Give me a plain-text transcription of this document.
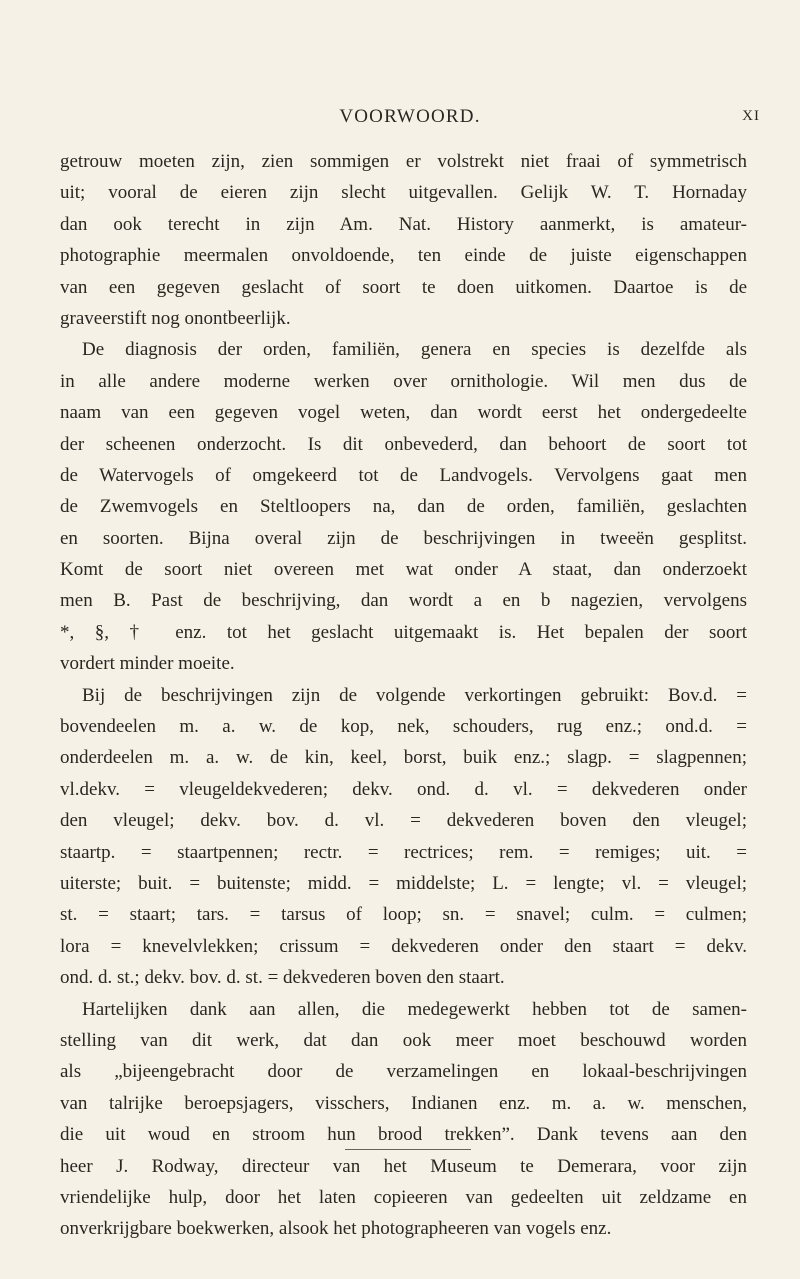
VOORWOORD.	XI
getrouw moeten zijn, zien sommigen er volstrekt niet fraai of symmetrisch
uit; vooral de eieren zijn slecht uitgevallen. Gelijk W. T. Hornaday
dan ook terecht in zijn Am. Nat. History aanmerkt, is amateur-
photographie meermalen onvoldoende, ten einde de juiste eigenschappen
van een gegeven geslacht of soort te doen uitkomen. Daartoe is de
graveerstift nog onontbeerlijk.
De diagnosis der orden, familiën, genera en species is dezelfde als
in alle andere moderne werken over ornithologie. Wil men dus de
naam van een gegeven vogel weten, dan wordt eerst het ondergedeelte
der scheenen onderzocht. Is dit onbevederd, dan behoort de soort tot
de Watervogels of omgekeerd tot de Landvogels. Vervolgens gaat men
de Zwemvogels en Steltloopers na, dan de orden, familiën, geslachten
en soorten. Bijna overal zijn de beschrijvingen in tweeën gesplitst.
Komt de soort niet overeen met wat onder A staat, dan onderzoekt
men B. Past de beschrijving, dan wordt a en b nagezien, vervolgens
*, §, † enz. tot het geslacht uitgemaakt is. Het bepalen der soort
vordert minder moeite.
Bij de beschrijvingen zijn de volgende verkortingen gebruikt: Bov.d. =
bovendeelen m. a. w. de kop, nek, schouders, rug enz.; ond.d. =
onderdeelen m. a. w. de kin, keel, borst, buik enz.; slagp. = slagpennen;
vl.dekv. = vleugeldekvederen; dekv. ond. d. vl. = dekvederen onder
den vleugel; dekv. bov. d. vl. = dekvederen boven den vleugel;
staartp. = staartpennen; rectr. = rectrices; rem. = remiges; uit. =
uiterste; buit. = buitenste; midd. = middelste; L. = lengte; vl. = vleugel;
st. = staart; tars. = tarsus of loop; sn. = snavel; culm. = culmen;
lora = knevelvlekken; crissum = dekvederen onder den staart = dekv.
ond. d. st.; dekv. bov. d. st. = dekvederen boven den staart.
Hartelijken dank aan allen, die medegewerkt hebben tot de samen-
stelling van dit werk, dat dan ook meer moet beschouwd worden
als „bijeengebracht door de verzamelingen en lokaal-beschrijvingen
van talrijke beroepsjagers, visschers, Indianen enz. m. a. w. menschen,
die uit woud en stroom hun brood trekken”. Dank tevens aan den
heer J. Rodway, directeur van het Museum te Demerara, voor zijn
vriendelijke hulp, door het laten copieeren van gedeelten uit zeldzame en
onverkrijgbare boekwerken, alsook het photographeeren van vogels enz.
